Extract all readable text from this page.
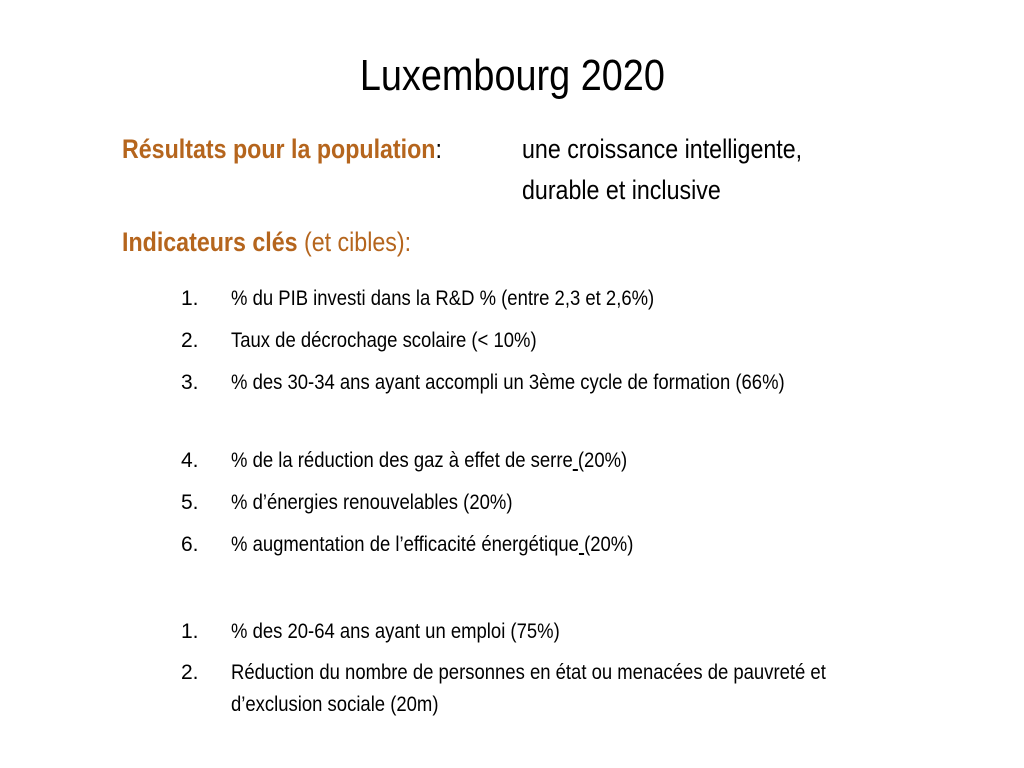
Luxembourg 2020
Résultats pour la population:	une croissance intelligente,
durable et inclusive
Indicateurs clés (et cibles):
1. % du PIB investi dans la R&D % (entre 2,3 et 2,6%)
2. Taux de décrochage scolaire (< 10%)
3. % des 30-34 ans ayant accompli un 3ème cycle de formation (66%)
4. % de la réduction des gaz à effet de serre (20%)
5. % d’énergies renouvelables (20%)
6. % augmentation de l’efficacité énergétique (20%)
1. % des 20-64 ans ayant un emploi (75%)
2. Réduction du nombre de personnes en état ou menacées de pauvreté et
d’exclusion sociale (20m)
